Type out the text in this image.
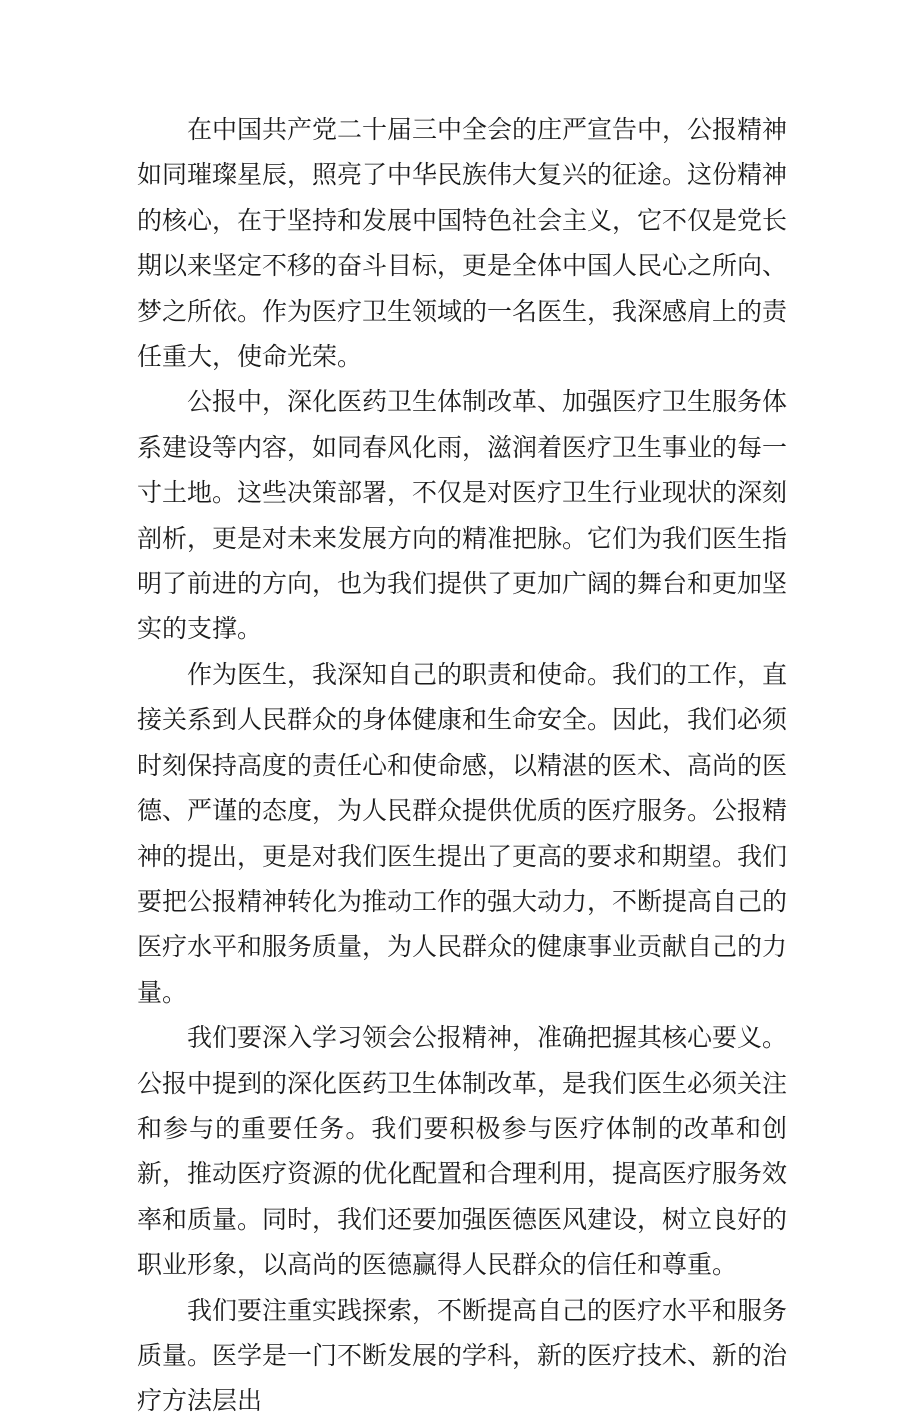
在中国共产党二十届三中全会的庄严宣告中，公报精神如同璀璨星辰，照亮了中华民族伟大复兴的征途。这份精神的核心，在于坚持和发展中国特色社会主义，它不仅是党长期以来坚定不移的奋斗目标，更是全体中国人民心之所向、梦之所依。作为医疗卫生领域的一名医生，我深感肩上的责任重大，使命光荣。

公报中，深化医药卫生体制改革、加强医疗卫生服务体系建设等内容，如同春风化雨，滋润着医疗卫生事业的每一寸土地。这些决策部署，不仅是对医疗卫生行业现状的深刻剖析，更是对未来发展方向的精准把脉。它们为我们医生指明了前进的方向，也为我们提供了更加广阔的舞台和更加坚实的支撑。

作为医生，我深知自己的职责和使命。我们的工作，直接关系到人民群众的身体健康和生命安全。因此，我们必须时刻保持高度的责任心和使命感，以精湛的医术、高尚的医德、严谨的态度，为人民群众提供优质的医疗服务。公报精神的提出，更是对我们医生提出了更高的要求和期望。我们要把公报精神转化为推动工作的强大动力，不断提高自己的医疗水平和服务质量，为人民群众的健康事业贡献自己的力量。

我们要深入学习领会公报精神，准确把握其核心要义。公报中提到的深化医药卫生体制改革，是我们医生必须关注和参与的重要任务。我们要积极参与医疗体制的改革和创新，推动医疗资源的优化配置和合理利用，提高医疗服务效率和质量。同时，我们还要加强医德医风建设，树立良好的职业形象，以高尚的医德赢得人民群众的信任和尊重。

我们要注重实践探索，不断提高自己的医疗水平和服务质量。医学是一门不断发展的学科，新的医疗技术、新的治疗方法层出
